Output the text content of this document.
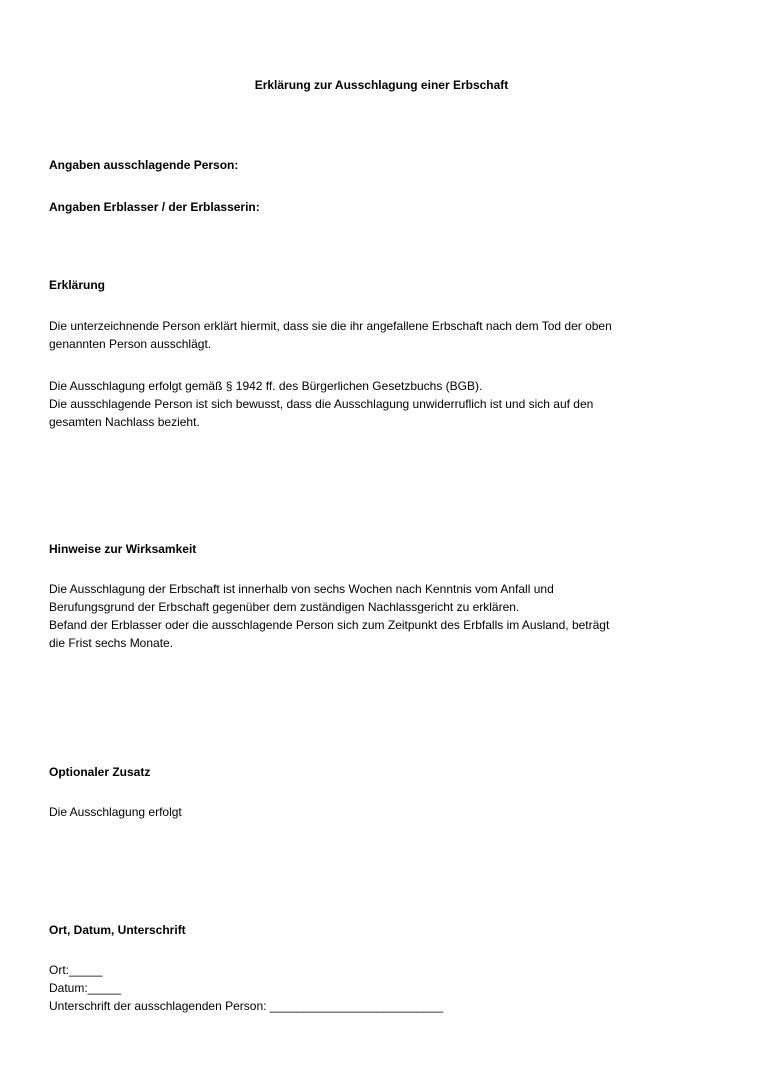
Erklärung zur Ausschlagung einer Erbschaft
Angaben ausschlagende Person:
Angaben Erblasser / der Erblasserin:
Erklärung
Die unterzeichnende Person erklärt hiermit, dass sie die ihr angefallene Erbschaft nach dem Tod der oben
genannten Person ausschlägt.
Die Ausschlagung erfolgt gemäß § 1942 ff. des Bürgerlichen Gesetzbuchs (BGB).
Die ausschlagende Person ist sich bewusst, dass die Ausschlagung unwiderruflich ist und sich auf den
gesamten Nachlass bezieht.
Hinweise zur Wirksamkeit
Die Ausschlagung der Erbschaft ist innerhalb von sechs Wochen nach Kenntnis vom Anfall und
Berufungsgrund der Erbschaft gegenüber dem zuständigen Nachlassgericht zu erklären.
Befand der Erblasser oder die ausschlagende Person sich zum Zeitpunkt des Erbfalls im Ausland, beträgt
die Frist sechs Monate.
Optionaler Zusatz
Die Ausschlagung erfolgt
Ort, Datum, Unterschrift
Ort:_____
Datum:_____
Unterschrift der ausschlagenden Person: __________________________
